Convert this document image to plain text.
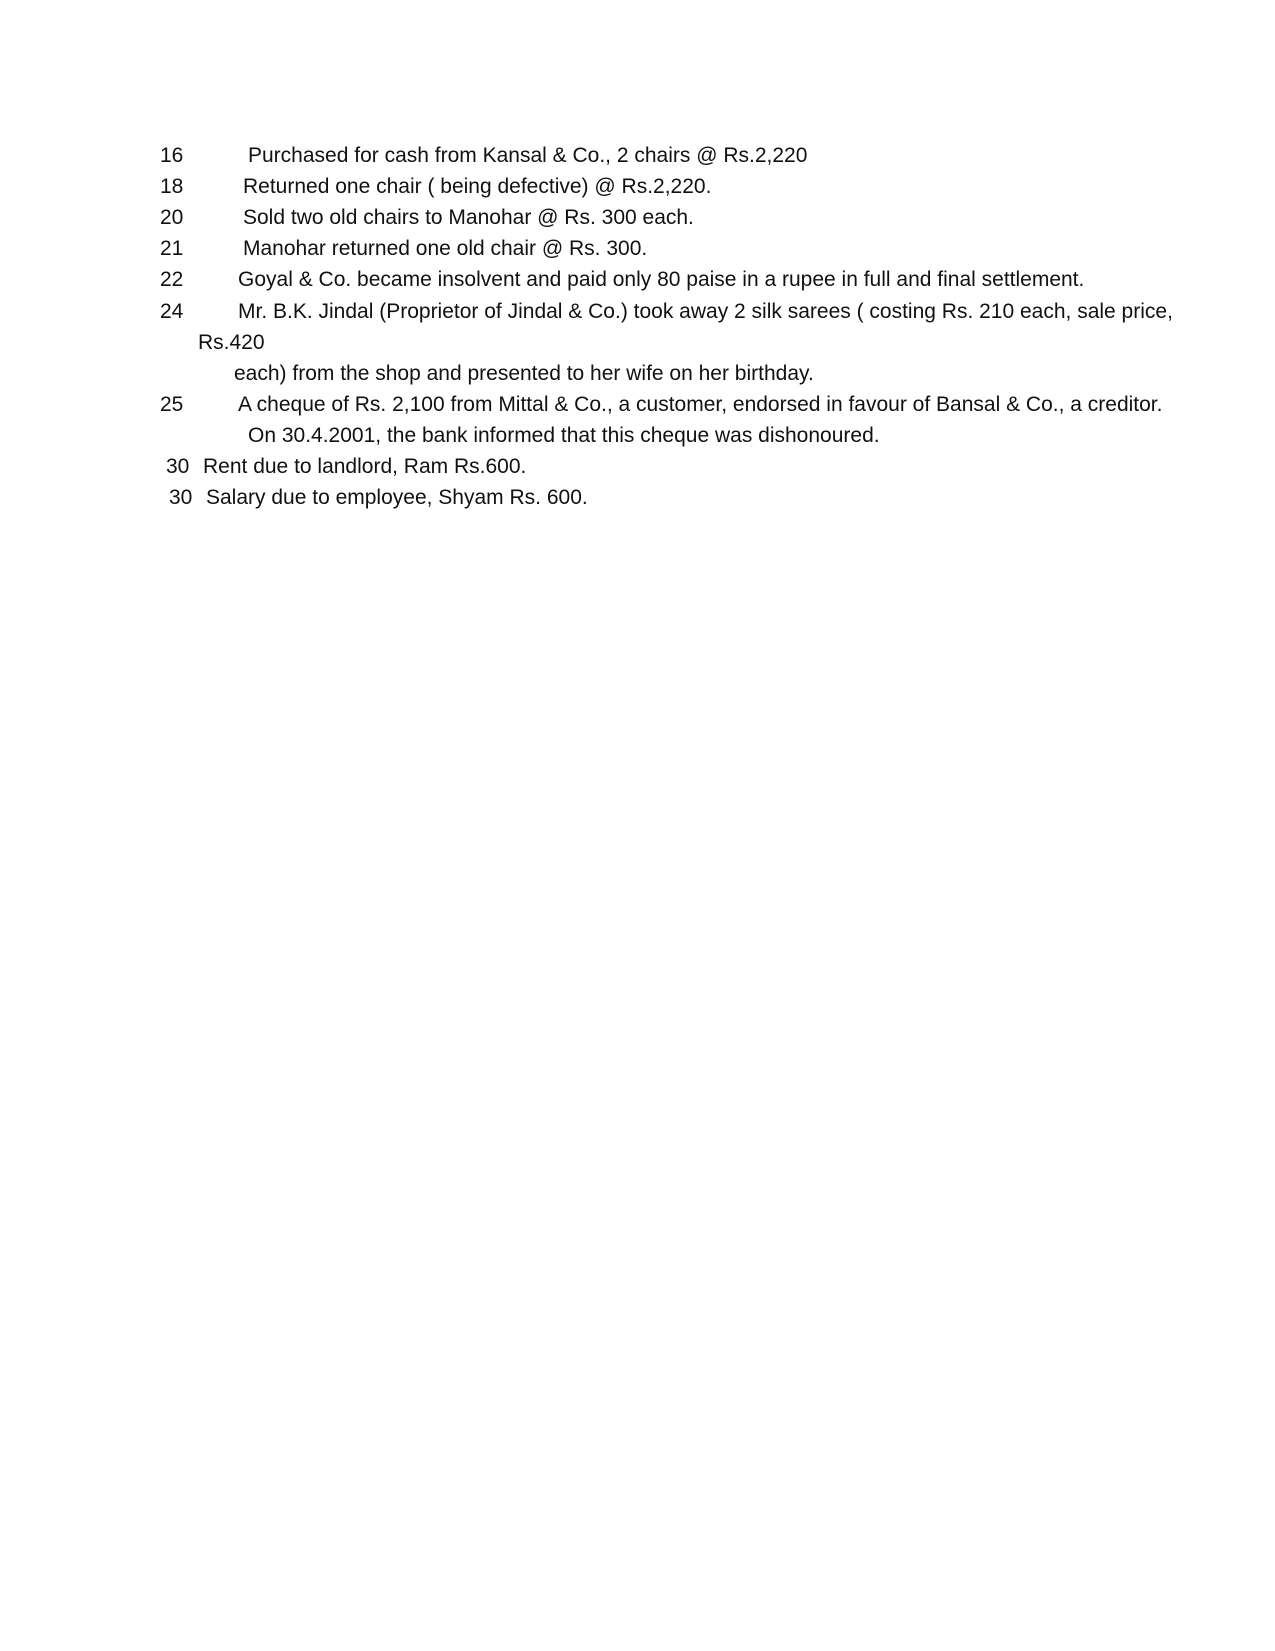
16	Purchased for cash from Kansal & Co., 2 chairs @ Rs.2,220
18	Returned one chair ( being defective) @ Rs.2,220.
20	Sold two old chairs to Manohar @ Rs. 300 each.
21	Manohar returned one old chair @ Rs. 300.
22	Goyal & Co. became insolvent and paid only 80 paise in a rupee in full and final settlement.
24	Mr. B.K. Jindal (Proprietor of Jindal & Co.) took away 2 silk sarees ( costing Rs. 210 each, sale price,
Rs.420
each) from the shop and presented to her wife on her birthday.
25	A cheque of Rs. 2,100 from Mittal & Co., a customer, endorsed in favour of Bansal & Co., a creditor.
On 30.4.2001, the bank informed that this cheque was dishonoured.
30 Rent due to landlord, Ram Rs.600.
30 Salary due to employee, Shyam Rs. 600.
